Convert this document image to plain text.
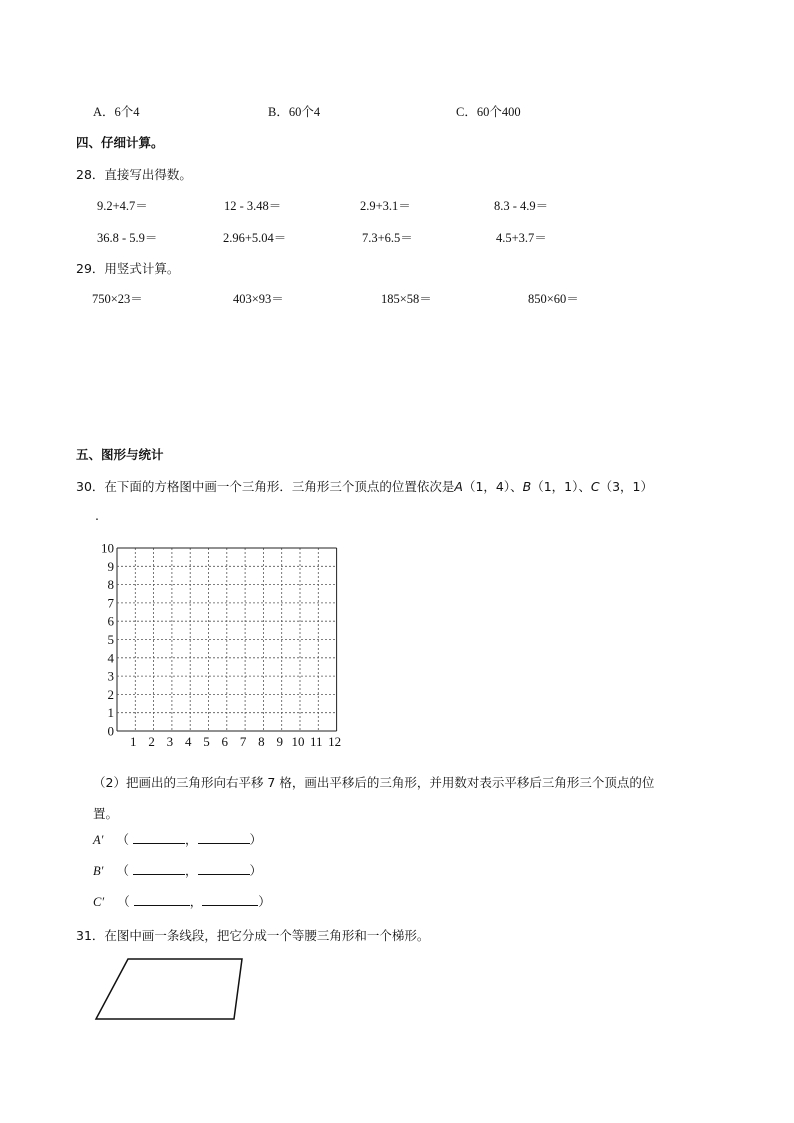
A．6个4	B．60个4	C．60个400
四、仔细计算。
28．直接写出得数。
9.2+4.7＝	12 - 3.48＝	2.9+3.1＝	8.3 - 4.9＝
36.8 - 5.9＝	2.96+5.04＝	7.3+6.5＝	4.5+3.7＝
29．用竖式计算。
750×23＝	403×93＝	185×58＝	850×60＝
五、图形与统计
30．在下面的方格图中画一个三角形．三角形三个顶点的位置依次是A（1，4）、B（1，1）、C（3，1）
.
10
9
8
7
6
5
4
3
2
1
0
1 2 3 4 5 6 7 8 9 10 11 12
（2）把画出的三角形向右平移 7 格，画出平移后的三角形，并用数对表示平移后三角形三个顶点的位
置。
A′ （	，	）
B′ （	，	）
C′ （	，	）
31．在图中画一条线段，把它分成一个等腰三角形和一个梯形。
